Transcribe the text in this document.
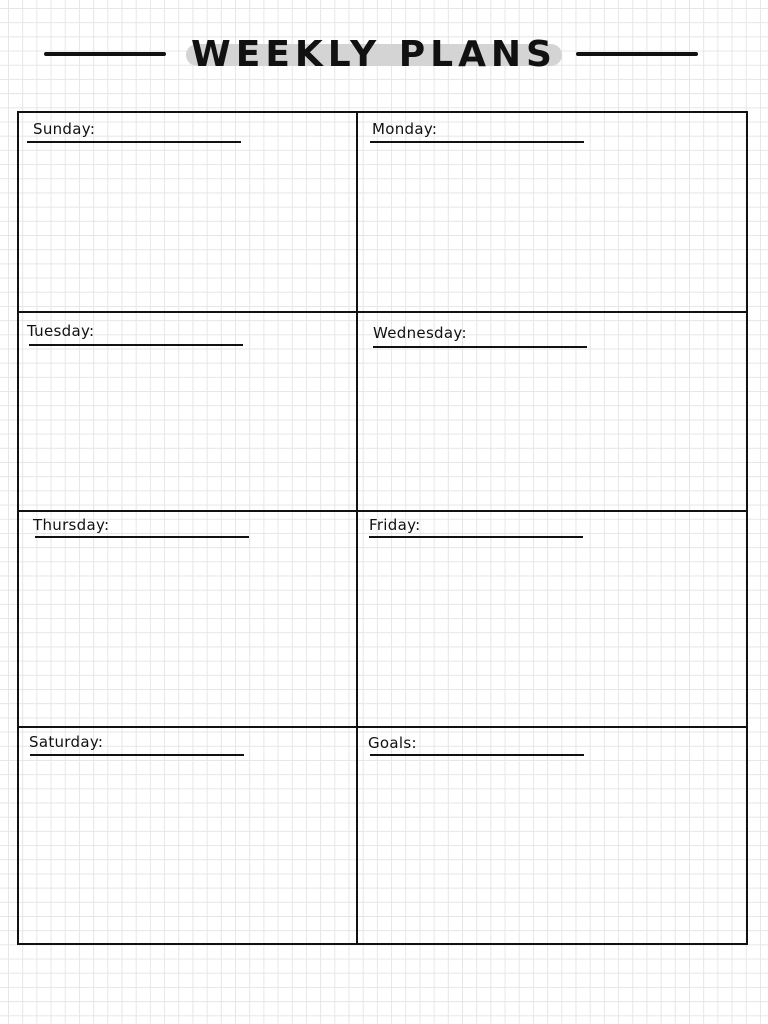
WEEKLY PLANS
Sunday:	Monday:
Tuesday:	Wednesday:
Thursday:	Friday:
Saturday:	Goals:
